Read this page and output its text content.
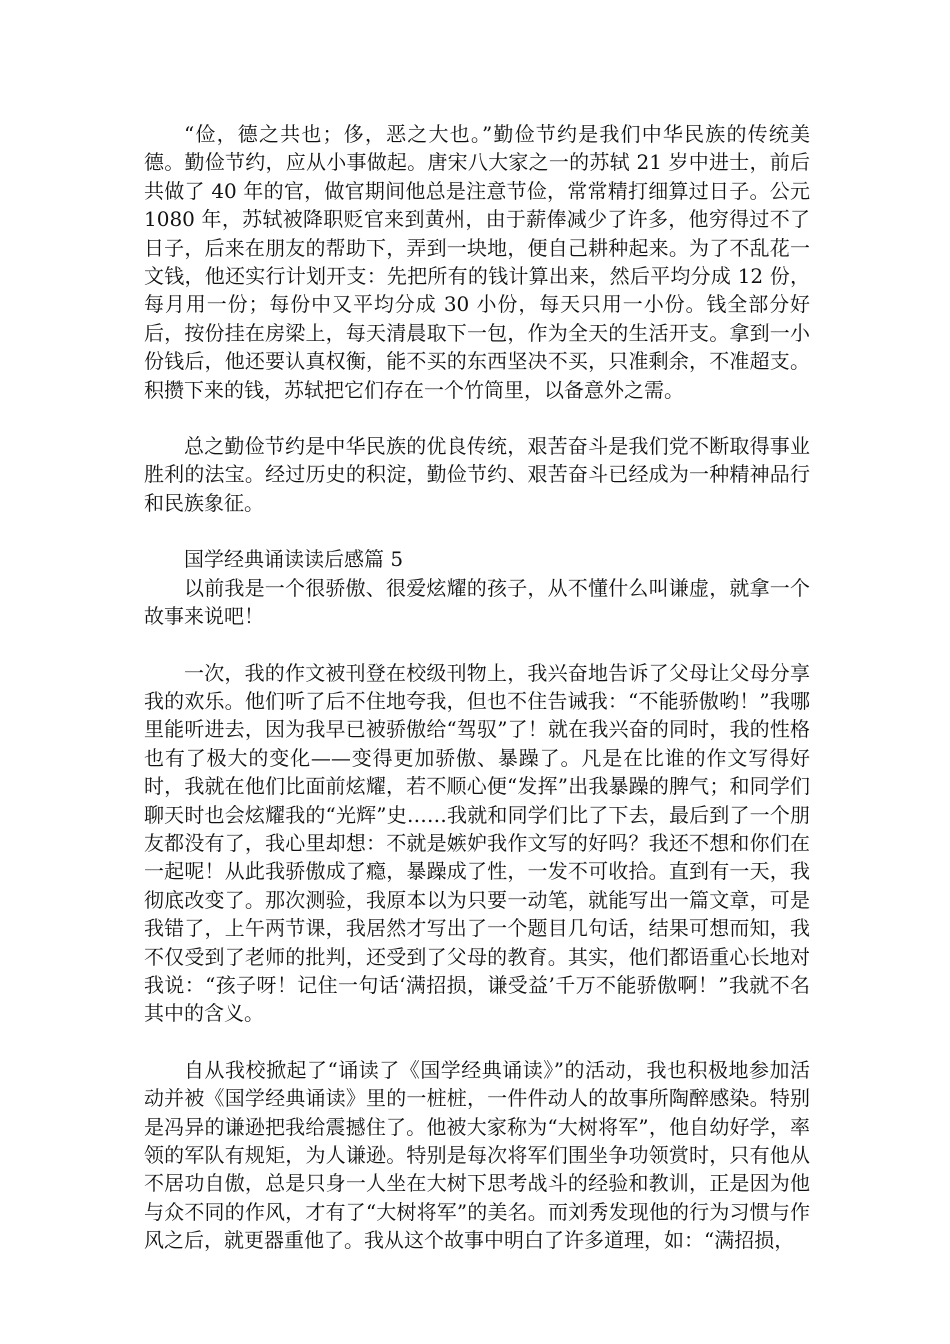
“俭，德之共也；侈，恶之大也。”勤俭节约是我们中华民族的传统美德。勤俭节约，应从小事做起。唐宋八大家之一的苏轼 21 岁中进士，前后共做了 40 年的官，做官期间他总是注意节俭，常常精打细算过日子。公元 1080 年，苏轼被降职贬官来到黄州，由于薪俸减少了许多，他穷得过不了日子，后来在朋友的帮助下，弄到一块地，便自己耕种起来。为了不乱花一文钱，他还实行计划开支：先把所有的钱计算出来，然后平均分成 12 份，每月用一份；每份中又平均分成 30 小份，每天只用一小份。钱全部分好后，按份挂在房梁上，每天清晨取下一包，作为全天的生活开支。拿到一小份钱后，他还要认真权衡，能不买的东西坚决不买，只准剩余，不准超支。积攒下来的钱，苏轼把它们存在一个竹筒里，以备意外之需。

总之勤俭节约是中华民族的优良传统，艰苦奋斗是我们党不断取得事业胜利的法宝。经过历史的积淀，勤俭节约、艰苦奋斗已经成为一种精神品行和民族象征。

国学经典诵读读后感篇 5

以前我是一个很骄傲、很爱炫耀的孩子，从不懂什么叫谦虚，就拿一个故事来说吧！

一次，我的作文被刊登在校级刊物上，我兴奋地告诉了父母让父母分享我的欢乐。他们听了后不住地夸我，但也不住告诫我：“不能骄傲哟！”我哪里能听进去，因为我早已被骄傲给“驾驭”了！就在我兴奋的同时，我的性格也有了极大的变化——变得更加骄傲、暴躁了。凡是在比谁的作文写得好时，我就在他们比面前炫耀，若不顺心便“发挥”出我暴躁的脾气；和同学们聊天时也会炫耀我的“光辉”史……我就和同学们比了下去，最后到了一个朋友都没有了，我心里却想：不就是嫉妒我作文写的好吗？我还不想和你们在一起呢！从此我骄傲成了瘾，暴躁成了性，一发不可收拾。直到有一天，我彻底改变了。那次测验，我原本以为只要一动笔，就能写出一篇文章，可是我错了，上午两节课，我居然才写出了一个题目几句话，结果可想而知，我不仅受到了老师的批判，还受到了父母的教育。其实，他们都语重心长地对我说：“孩子呀！记住一句话‘满招损，谦受益’千万不能骄傲啊！”我就不名其中的含义。

自从我校掀起了“诵读了《国学经典诵读》”的活动，我也积极地参加活动并被《国学经典诵读》里的一桩桩，一件件动人的故事所陶醉感染。特别是冯异的谦逊把我给震撼住了。他被大家称为“大树将军”，他自幼好学，率领的军队有规矩，为人谦逊。特别是每次将军们围坐争功领赏时，只有他从不居功自傲，总是只身一人坐在大树下思考战斗的经验和教训，正是因为他与众不同的作风，才有了“大树将军”的美名。而刘秀发现他的行为习惯与作风之后，就更器重他了。我从这个故事中明白了许多道理，如：“满招损，
